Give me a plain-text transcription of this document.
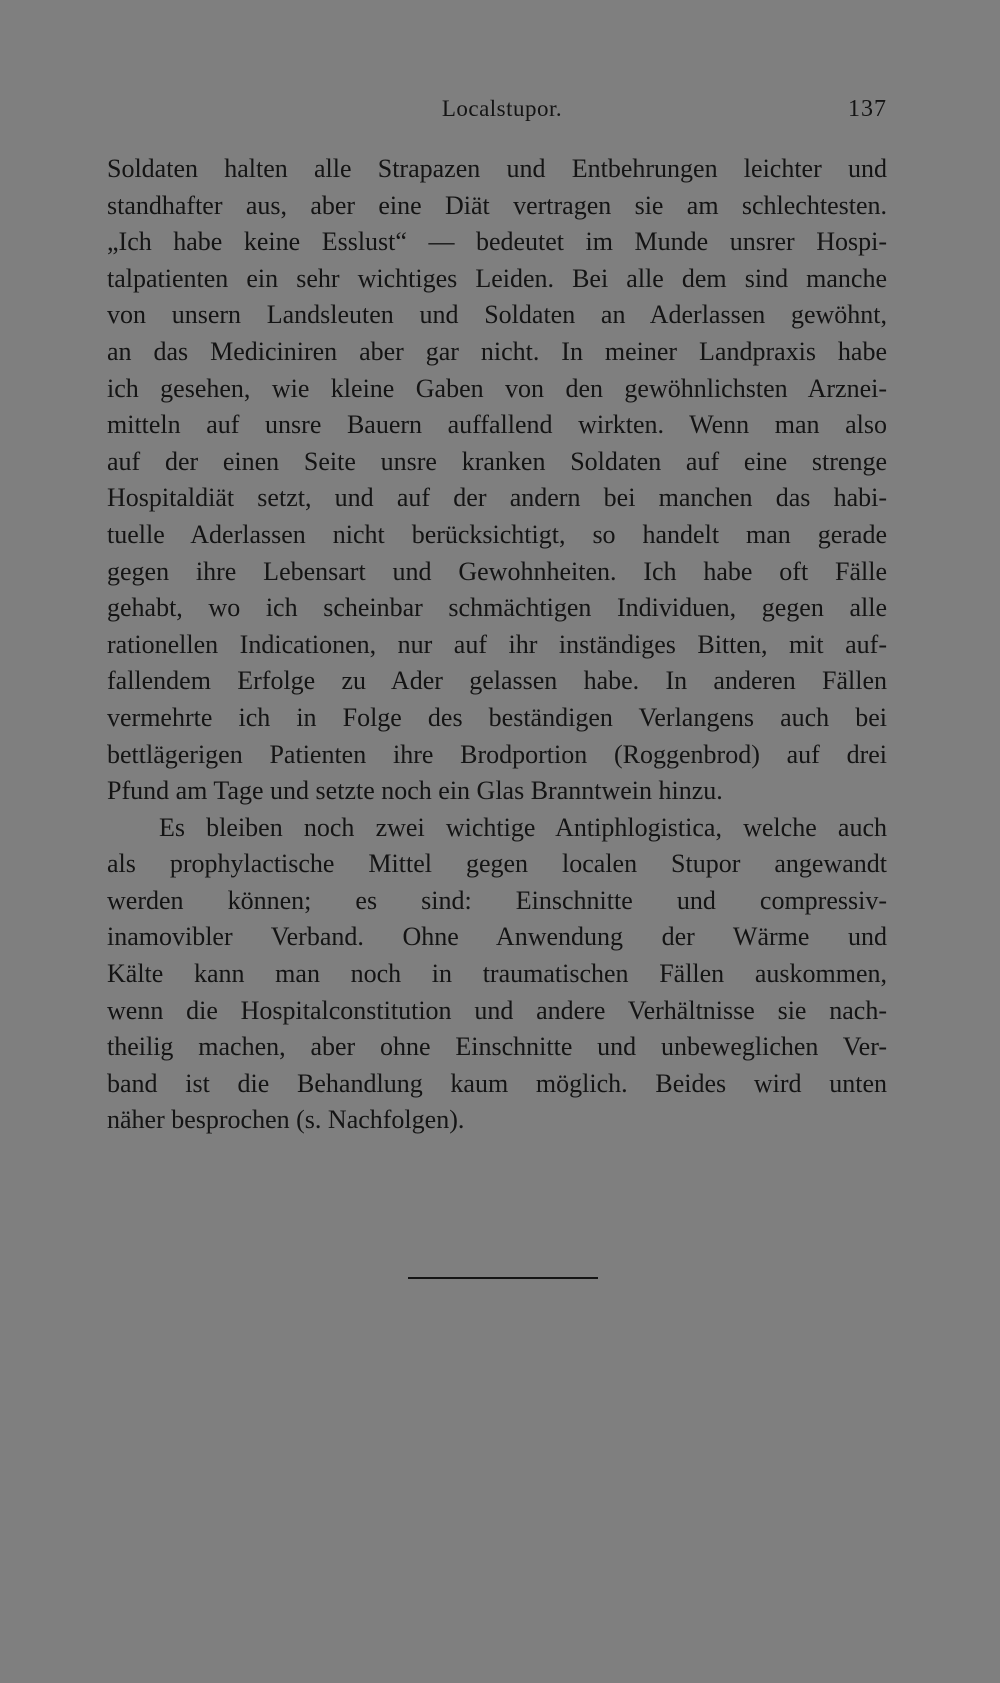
Localstupor.	137
Soldaten halten alle Strapazen und Entbehrungen leichter und
standhafter aus, aber eine Diät vertragen sie am schlechtesten.
„Ich habe keine Esslust“ — bedeutet im Munde unsrer Hospi-
talpatienten ein sehr wichtiges Leiden. Bei alle dem sind manche
von unsern Landsleuten und Soldaten an Aderlassen gewöhnt,
an das Mediciniren aber gar nicht. In meiner Landpraxis habe
ich gesehen, wie kleine Gaben von den gewöhnlichsten Arznei-
mitteln auf unsre Bauern auffallend wirkten. Wenn man also
auf der einen Seite unsre kranken Soldaten auf eine strenge
Hospitaldiät setzt, und auf der andern bei manchen das habi-
tuelle Aderlassen nicht berücksichtigt, so handelt man gerade
gegen ihre Lebensart und Gewohnheiten. Ich habe oft Fälle
gehabt, wo ich scheinbar schmächtigen Individuen, gegen alle
rationellen Indicationen, nur auf ihr inständiges Bitten, mit auf-
fallendem Erfolge zu Ader gelassen habe. In anderen Fällen
vermehrte ich in Folge des beständigen Verlangens auch bei
bettlägerigen Patienten ihre Brodportion (Roggenbrod) auf drei
Pfund am Tage und setzte noch ein Glas Branntwein hinzu.
Es bleiben noch zwei wichtige Antiphlogistica, welche auch
als prophylactische Mittel gegen localen Stupor angewandt
werden können; es sind: Einschnitte und compressiv-
inamovibler Verband. Ohne Anwendung der Wärme und
Kälte kann man noch in traumatischen Fällen auskommen,
wenn die Hospitalconstitution und andere Verhältnisse sie nach-
theilig machen, aber ohne Einschnitte und unbeweglichen Ver-
band ist die Behandlung kaum möglich. Beides wird unten
näher besprochen (s. Nachfolgen).
